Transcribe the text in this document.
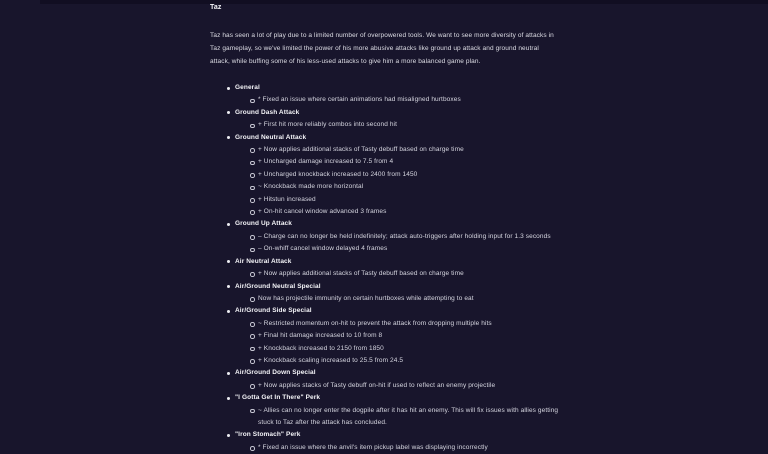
Taz

Taz has seen a lot of play due to a limited number of overpowered tools. We want to see more diversity of attacks in Taz gameplay, so we've limited the power of his more abusive attacks like ground up attack and ground neutral attack, while buffing some of his less-used attacks to give him a more balanced game plan.

General
* Fixed an issue where certain animations had misaligned hurtboxes
Ground Dash Attack
+ First hit more reliably combos into second hit
Ground Neutral Attack
+ Now applies additional stacks of Tasty debuff based on charge time
+ Uncharged damage increased to 7.5 from 4
+ Uncharged knockback increased to 2400 from 1450
~ Knockback made more horizontal
+ Hitstun increased
+ On-hit cancel window advanced 3 frames
Ground Up Attack
– Charge can no longer be held indefinitely; attack auto-triggers after holding input for 1.3 seconds
– On-whiff cancel window delayed 4 frames
Air Neutral Attack
+ Now applies additional stacks of Tasty debuff based on charge time
Air/Ground Neutral Special
Now has projectile immunity on certain hurtboxes while attempting to eat
Air/Ground Side Special
~ Restricted momentum on-hit to prevent the attack from dropping multiple hits
+ Final hit damage increased to 10 from 8
+ Knockback increased to 2150 from 1850
+ Knockback scaling increased to 25.5 from 24.5
Air/Ground Down Special
+ Now applies stacks of Tasty debuff on-hit if used to reflect an enemy projectile
"I Gotta Get In There" Perk
~ Allies can no longer enter the dogpile after it has hit an enemy. This will fix issues with allies getting stuck to Taz after the attack has concluded.
"Iron Stomach" Perk
* Fixed an issue where the anvil's item pickup label was displaying incorrectly
